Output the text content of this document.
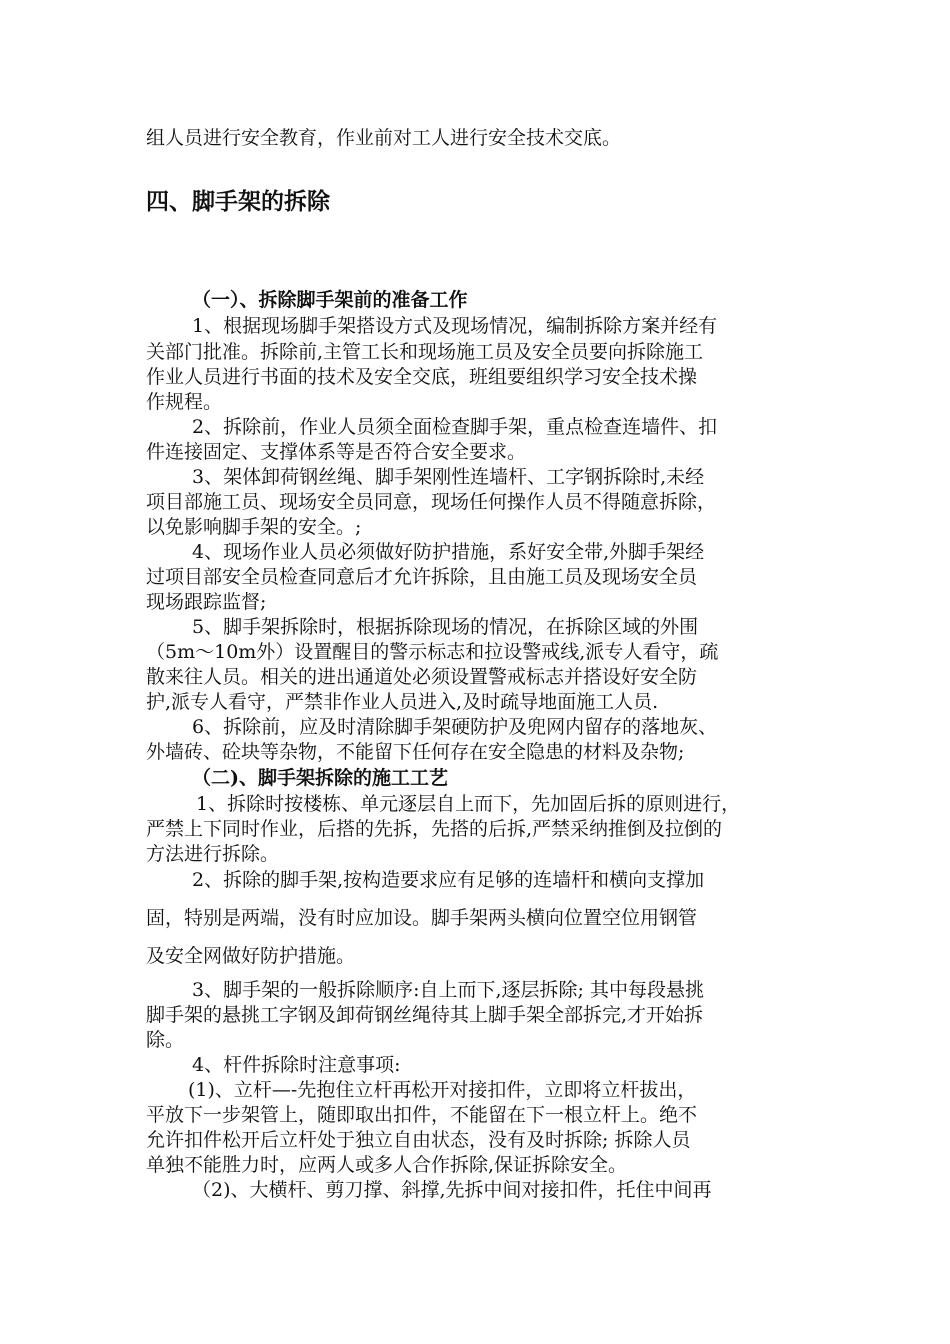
组人员进行安全教育，作业前对工人进行安全技术交底。
四、脚手架的拆除
（一）、拆除脚手架前的准备工作
1、根据现场脚手架搭设方式及现场情况，编制拆除方案并经有
关部门批准。拆除前,主管工长和现场施工员及安全员要向拆除施工
作业人员进行书面的技术及安全交底，班组要组织学习安全技术操
作规程。
2、拆除前，作业人员须全面检查脚手架，重点检查连墙件、扣
件连接固定、支撑体系等是否符合安全要求。
3、架体卸荷钢丝绳、脚手架刚性连墙杆、工字钢拆除时,未经
项目部施工员、现场安全员同意，现场任何操作人员不得随意拆除，
以免影响脚手架的安全。;
4、现场作业人员必须做好防护措施，系好安全带,外脚手架经
过项目部安全员检查同意后才允许拆除，且由施工员及现场安全员
现场跟踪监督;
5、脚手架拆除时，根据拆除现场的情况，在拆除区域的外围
（5m～10m外）设置醒目的警示标志和拉设警戒线,派专人看守，疏
散来往人员。相关的进出通道处必须设置警戒标志并搭设好安全防
护,派专人看守，严禁非作业人员进入,及时疏导地面施工人员.
6、拆除前，应及时清除脚手架硬防护及兜网内留存的落地灰、
外墙砖、砼块等杂物，不能留下任何存在安全隐患的材料及杂物;
（二)、脚手架拆除的施工工艺
1、拆除时按楼栋、单元逐层自上而下，先加固后拆的原则进行，
严禁上下同时作业，后搭的先拆，先搭的后拆,严禁采纳推倒及拉倒的
方法进行拆除。
2、拆除的脚手架,按构造要求应有足够的连墙杆和横向支撑加
固，特别是两端，没有时应加设。脚手架两头横向位置空位用钢管
及安全网做好防护措施。
3、脚手架的一般拆除顺序:自上而下,逐层拆除; 其中每段悬挑
脚手架的悬挑工字钢及卸荷钢丝绳待其上脚手架全部拆完,才开始拆
除。
4、杆件拆除时注意事项:
(1)、立杆—-先抱住立杆再松开对接扣件，立即将立杆拔出，
平放下一步架管上，随即取出扣件，不能留在下一根立杆上。绝不
允许扣件松开后立杆处于独立自由状态，没有及时拆除; 拆除人员
单独不能胜力时，应两人或多人合作拆除,保证拆除安全。
（2)、大横杆、剪刀撑、斜撑,先拆中间对接扣件，托住中间再
